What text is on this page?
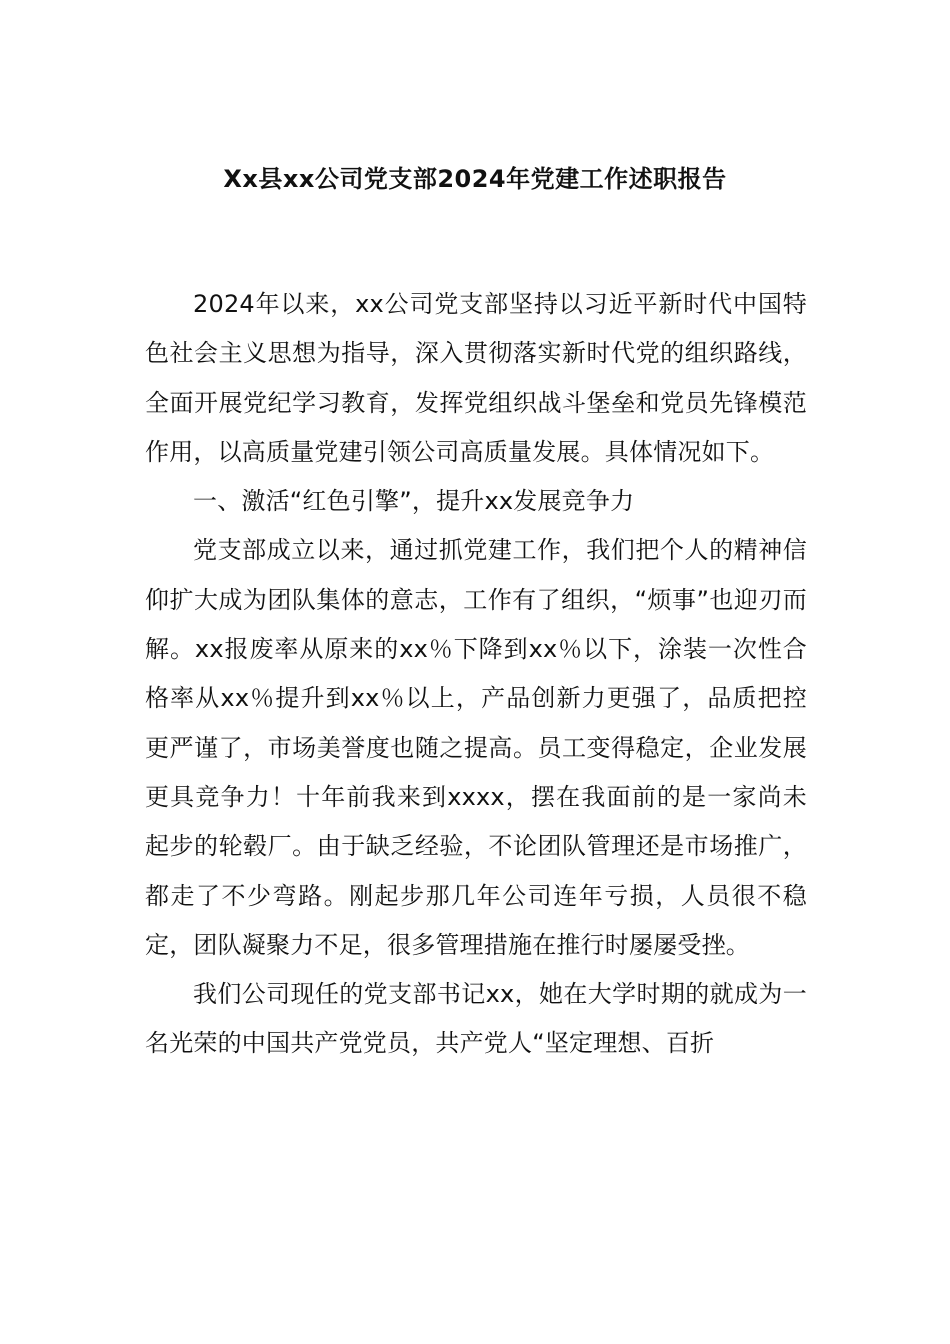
Xx县xx公司党支部2024年党建工作述职报告

2024年以来，xx公司党支部坚持以习近平新时代中国特色社会主义思想为指导，深入贯彻落实新时代党的组织路线，全面开展党纪学习教育，发挥党组织战斗堡垒和党员先锋模范作用，以高质量党建引领公司高质量发展。具体情况如下。

一、激活“红色引擎”，提升xx发展竞争力

党支部成立以来，通过抓党建工作，我们把个人的精神信仰扩大成为团队集体的意志，工作有了组织，“烦事”也迎刃而解。xx报废率从原来的xx％下降到xx％以下，涂装一次性合格率从xx％提升到xx％以上，产品创新力更强了，品质把控更严谨了，市场美誉度也随之提高。员工变得稳定，企业发展更具竞争力！十年前我来到xxxx，摆在我面前的是一家尚未起步的轮毂厂。由于缺乏经验，不论团队管理还是市场推广，都走了不少弯路。刚起步那几年公司连年亏损，人员很不稳定，团队凝聚力不足，很多管理措施在推行时屡屡受挫。

我们公司现任的党支部书记xx，她在大学时期的就成为一名光荣的中国共产党党员，共产党人“坚定理想、百折
